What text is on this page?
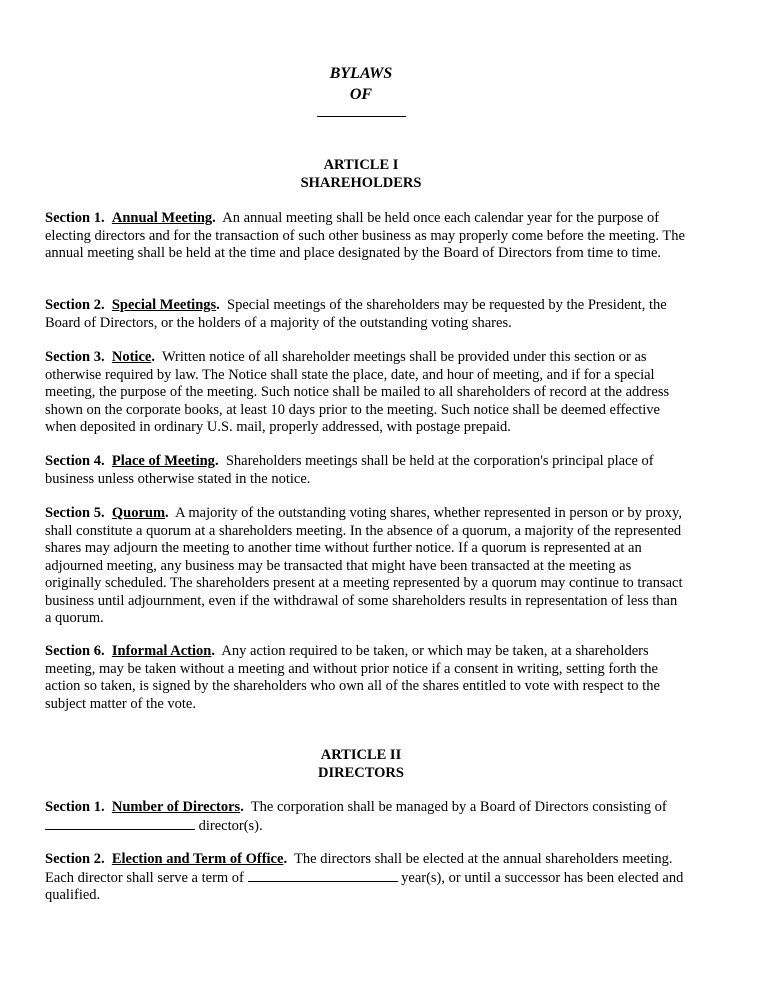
BYLAWS
OF
ARTICLE I
SHAREHOLDERS

Section 1. Annual Meeting. An annual meeting shall be held once each calendar year for the purpose of electing directors and for the transaction of such other business as may properly come before the meeting. The annual meeting shall be held at the time and place designated by the Board of Directors from time to time.

Section 2. Special Meetings. Special meetings of the shareholders may be requested by the President, the Board of Directors, or the holders of a majority of the outstanding voting shares.

Section 3. Notice. Written notice of all shareholder meetings shall be provided under this section or as otherwise required by law. The Notice shall state the place, date, and hour of meeting, and if for a special meeting, the purpose of the meeting. Such notice shall be mailed to all shareholders of record at the address shown on the corporate books, at least 10 days prior to the meeting. Such notice shall be deemed effective when deposited in ordinary U.S. mail, properly addressed, with postage prepaid.

Section 4. Place of Meeting. Shareholders meetings shall be held at the corporation's principal place of business unless otherwise stated in the notice.

Section 5. Quorum. A majority of the outstanding voting shares, whether represented in person or by proxy, shall constitute a quorum at a shareholders meeting. In the absence of a quorum, a majority of the represented shares may adjourn the meeting to another time without further notice. If a quorum is represented at an adjourned meeting, any business may be transacted that might have been transacted at the meeting as originally scheduled. The shareholders present at a meeting represented by a quorum may continue to transact business until adjournment, even if the withdrawal of some shareholders results in representation of less than a quorum.

Section 6. Informal Action. Any action required to be taken, or which may be taken, at a shareholders meeting, may be taken without a meeting and without prior notice if a consent in writing, setting forth the action so taken, is signed by the shareholders who own all of the shares entitled to vote with respect to the subject matter of the vote.

ARTICLE II
DIRECTORS

Section 1. Number of Directors. The corporation shall be managed by a Board of Directors consisting of  director(s).

Section 2. Election and Term of Office. The directors shall be elected at the annual shareholders meeting. Each director shall serve a term of	year(s), or until a successor has been elected and qualified.
